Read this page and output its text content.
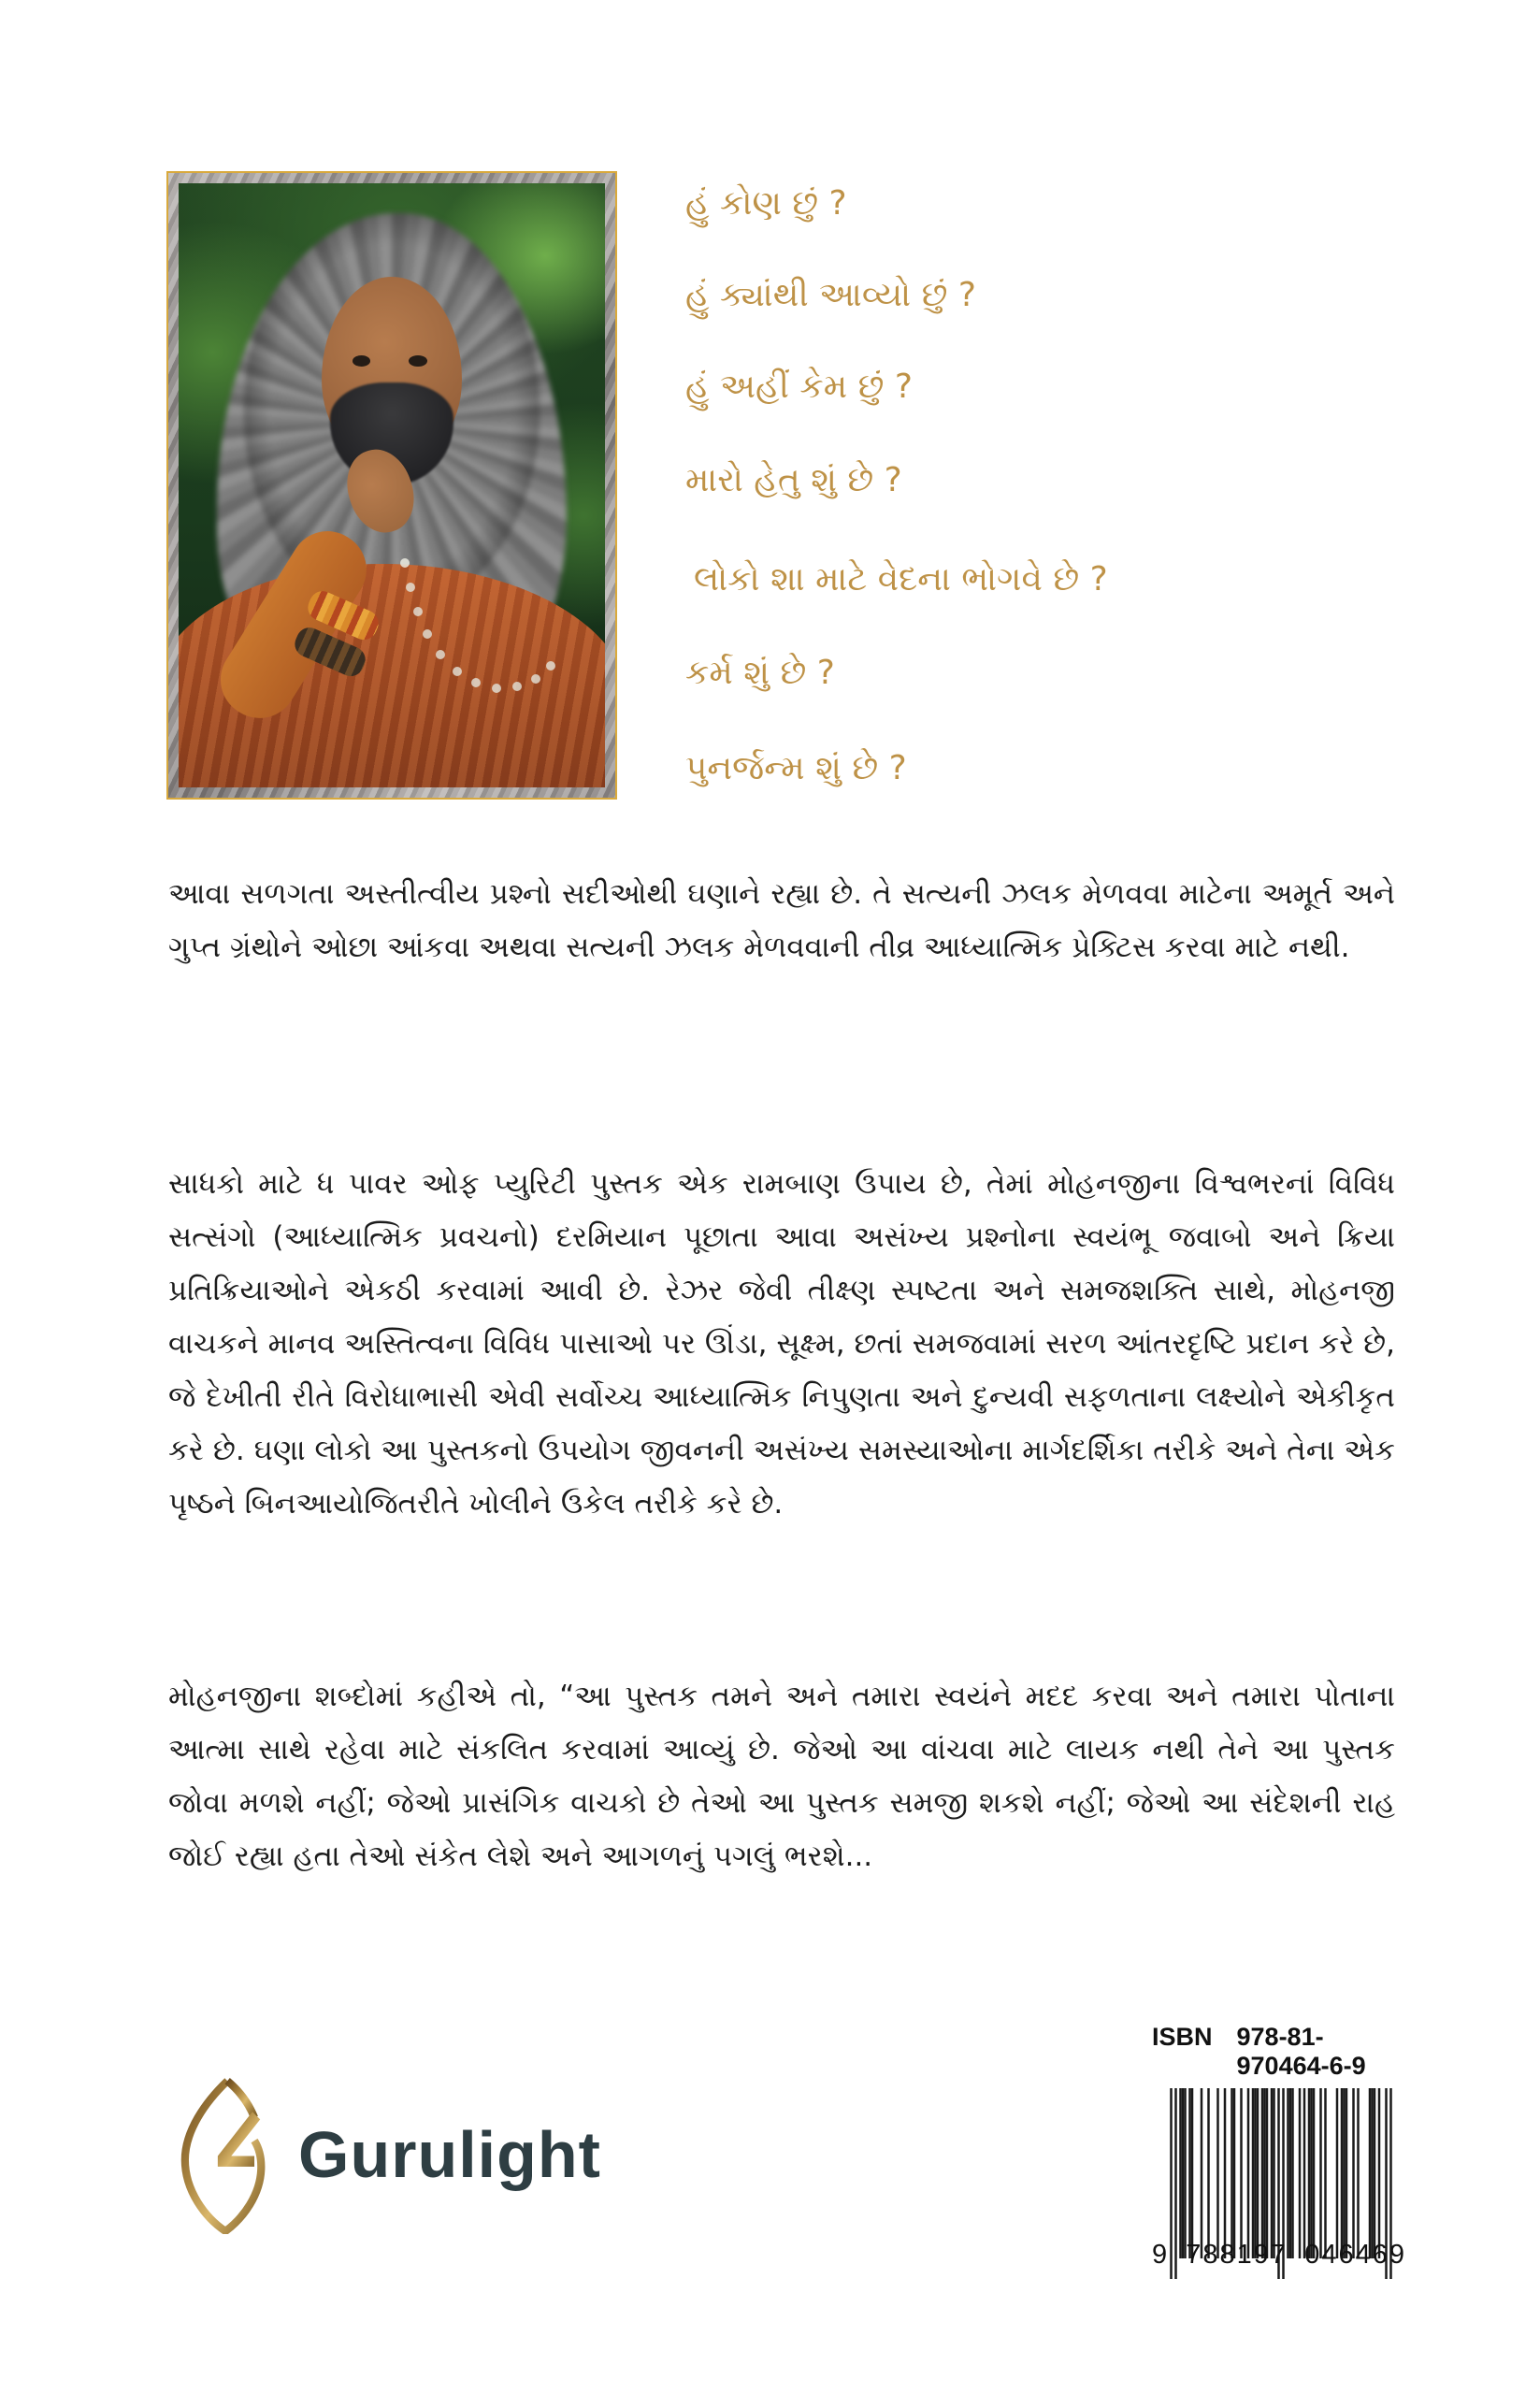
હું કોણ છું ?
હું ક્યાંથી આવ્યો છું ?
હું અહીં કેમ છું ?
મારો હેતુ શું છે ?
લોકો શા માટે વેદના ભોગવે છે ?
કર્મ શું છે ?
પુનર્જન્મ શું છે ?

આવા સળગતા અસ્તીત્વીય પ્રશ્નો સદીઓથી ઘણાને રહ્યા છે. તે સત્યની ઝલક મેળવવા માટેના અમૂર્ત અને ગુપ્ત ગ્રંથોને ઓછા આંકવા અથવા સત્યની ઝલક મેળવવાની તીવ્ર આધ્યાત્મિક પ્રેક્ટિસ કરવા માટે નથી.

સાધકો માટે ધ પાવર ઓફ પ્યુરિટી પુસ્તક એક રામબાણ ઉપાય છે, તેમાં મોહનજીના વિશ્વભરનાં વિવિધ સત્સંગો (આધ્યાત્મિક પ્રવચનો) દરમિયાન પૂછાતા આવા અસંખ્ય પ્રશ્નોના સ્વયંભૂ જવાબો અને ક્રિયા પ્રતિક્રિયાઓને એકઠી કરવામાં આવી છે. રેઝર જેવી તીક્ષ્ણ સ્પષ્ટતા અને સમજશક્તિ સાથે, મોહનજી વાચકને માનવ અસ્તિત્વના વિવિધ પાસાઓ પર ઊંડા, સૂક્ષ્મ, છતાં સમજવામાં સરળ આંતરદૃષ્ટિ પ્રદાન કરે છે, જે દેખીતી રીતે વિરોધાભાસી એવી સર્વોચ્ચ આધ્યાત્મિક નિપુણતા અને દુન્યવી સફળતાના લક્ષ્યોને એકીકૃત કરે છે. ઘણા લોકો આ પુસ્તકનો ઉપયોગ જીવનની અસંખ્ય સમસ્યાઓના માર્ગદર્શિકા તરીકે અને તેના એક પૃષ્ઠને બિનઆયોજિતરીતે ખોલીને ઉકેલ તરીકે કરે છે.

મોહનજીના શબ્દોમાં કહીએ તો, “આ પુસ્તક તમને અને તમારા સ્વયંને મદદ કરવા અને તમારા પોતાના આત્મા સાથે રહેવા માટે સંકલિત કરવામાં આવ્યું છે. જેઓ આ વાંચવા માટે લાયક નથી તેને આ પુસ્તક જોવા મળશે નહીં; જેઓ પ્રાસંગિક વાચકો છે તેઓ આ પુસ્તક સમજી શકશે નહીં; જેઓ આ સંદેશની રાહ જોઈ રહ્યા હતા તેઓ સંકેત લેશે અને આગળનું પગલું ભરશે...

Gurulight
ISBN 978-81-970464-6-9
9 788197 046469
